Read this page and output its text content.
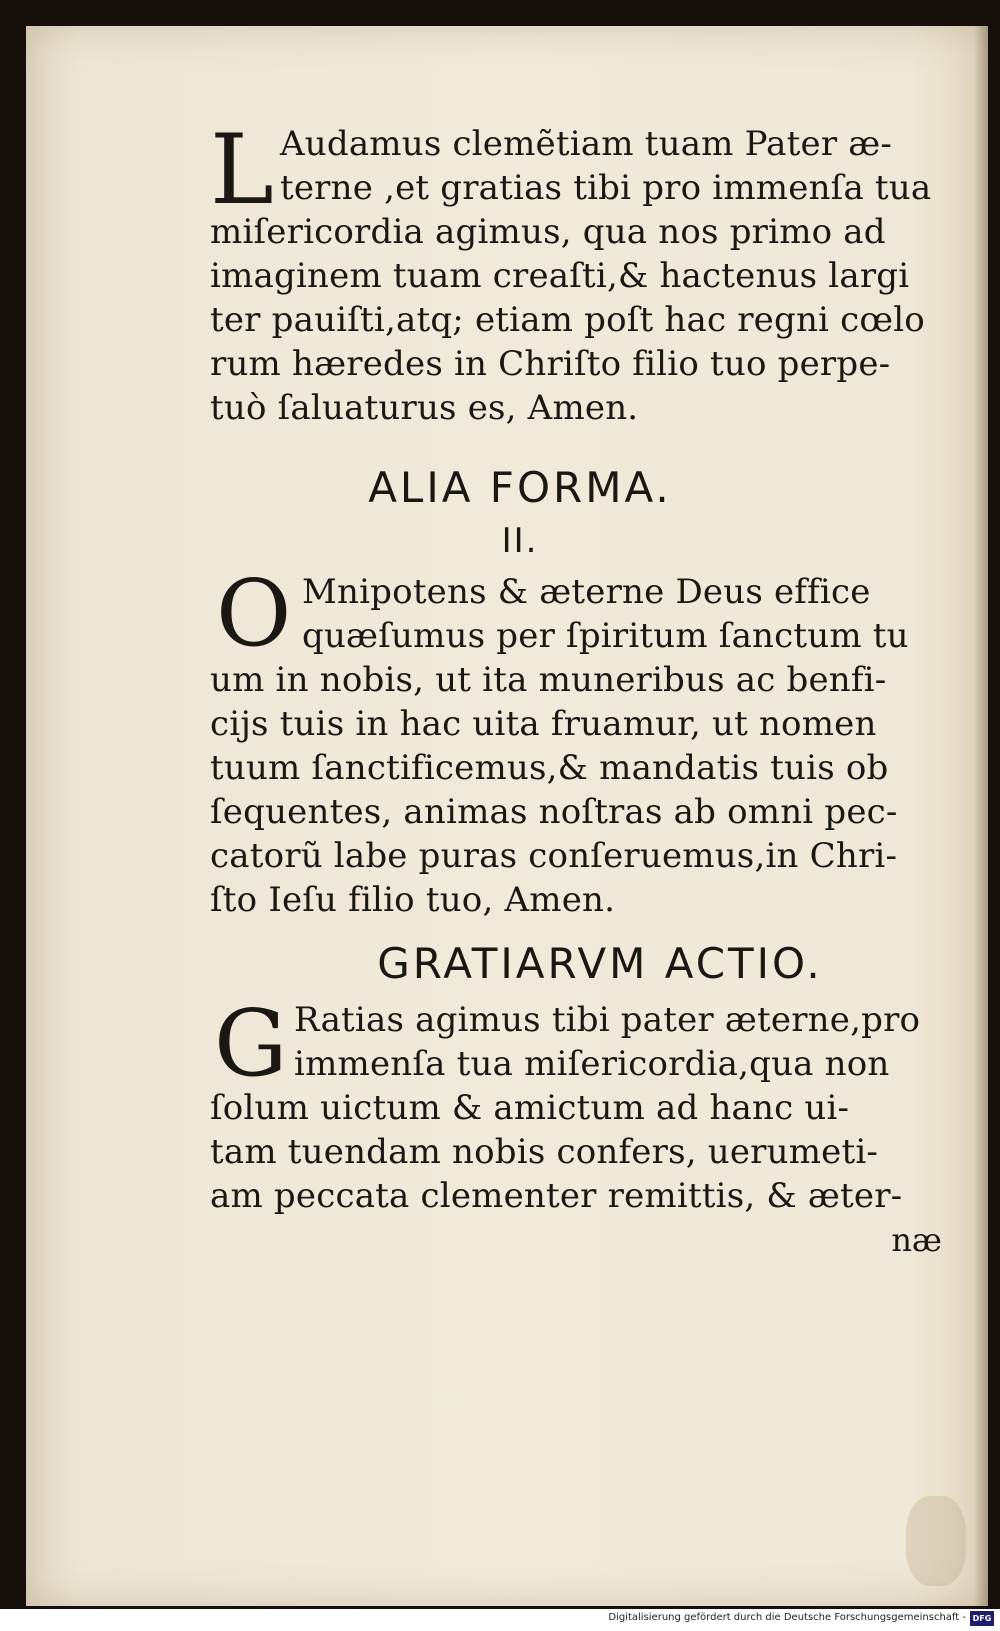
L Audamus clemẽtiam tuam Pater æ-
terne ,et gratias tibi pro immenſa tua
miſericordia agimus, qua nos primo ad
imaginem tuam creaſti,& hactenus largi
ter pauiſti,atq; etiam poſt hac regni cœlo
rum hæredes in Chriſto filio tuo perpe-
tuò ſaluaturus es, Amen.
ALIA FORMA.
II.
O Mnipotens & æterne Deus effice
quæſumus per ſpiritum ſanctum tu
um in nobis, ut ita muneribus ac benfi-
cijs tuis in hac uita fruamur, ut nomen
tuum ſanctificemus,& mandatis tuis ob
ſequentes, animas noſtras ab omni pec-
catorũ labe puras conſeruemus,in Chri-
ſto Ieſu filio tuo, Amen.
GRATIARVM ACTIO.
G Ratias agimus tibi pater æterne,pro
immenſa tua miſericordia,qua non
ſolum uictum & amictum ad hanc ui-
tam tuendam nobis confers, uerumeti-
am peccata clementer remittis, & æter-
næ
Digitalisierung gefördert durch die Deutsche Forschungsgemeinschaft - DFG
